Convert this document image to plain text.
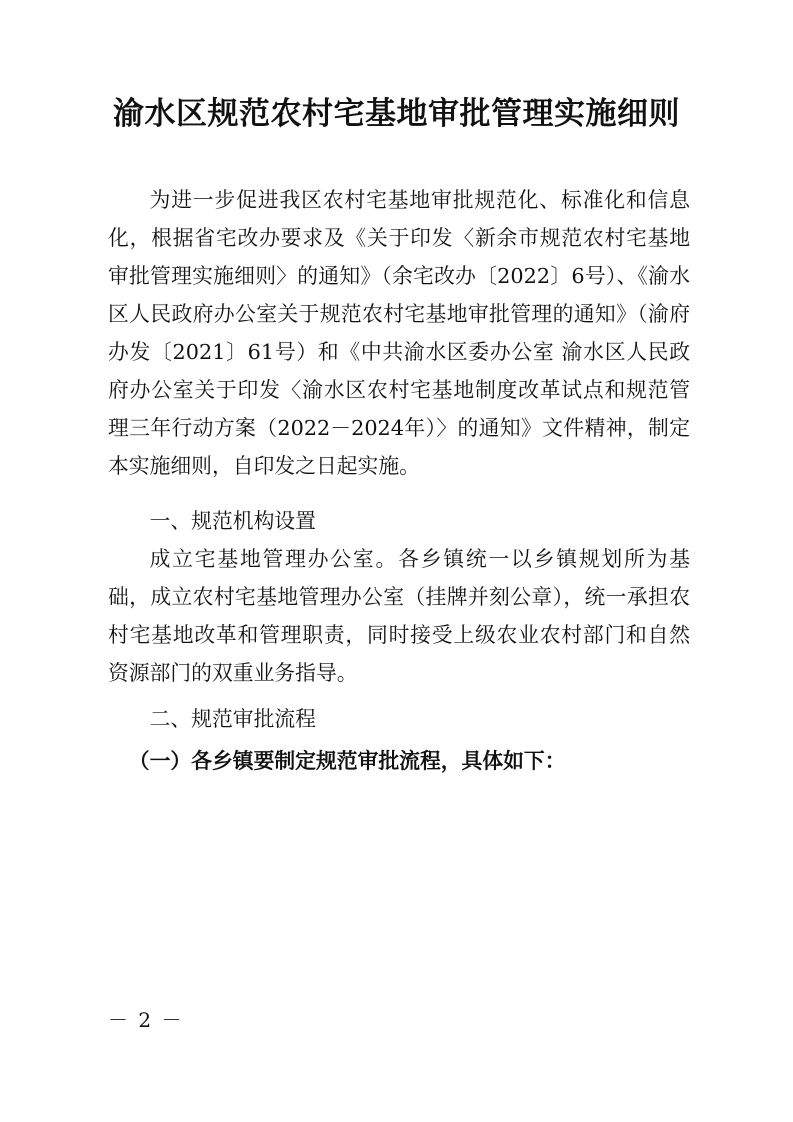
渝水区规范农村宅基地审批管理实施细则

为进一步促进我区农村宅基地审批规范化、标准化和信息化，根据省宅改办要求及《关于印发〈新余市规范农村宅基地审批管理实施细则〉的通知》（余宅改办〔2022〕6号）、《渝水区人民政府办公室关于规范农村宅基地审批管理的通知》（渝府办发〔2021〕61号）和《中共渝水区委办公室 渝水区人民政府办公室关于印发〈渝水区农村宅基地制度改革试点和规范管理三年行动方案（2022－2024年）〉的通知》文件精神，制定本实施细则，自印发之日起实施。

一、规范机构设置

成立宅基地管理办公室。各乡镇统一以乡镇规划所为基础，成立农村宅基地管理办公室（挂牌并刻公章），统一承担农村宅基地改革和管理职责，同时接受上级农业农村部门和自然资源部门的双重业务指导。

二、规范审批流程

（一）各乡镇要制定规范审批流程，具体如下：

－ 2 －
